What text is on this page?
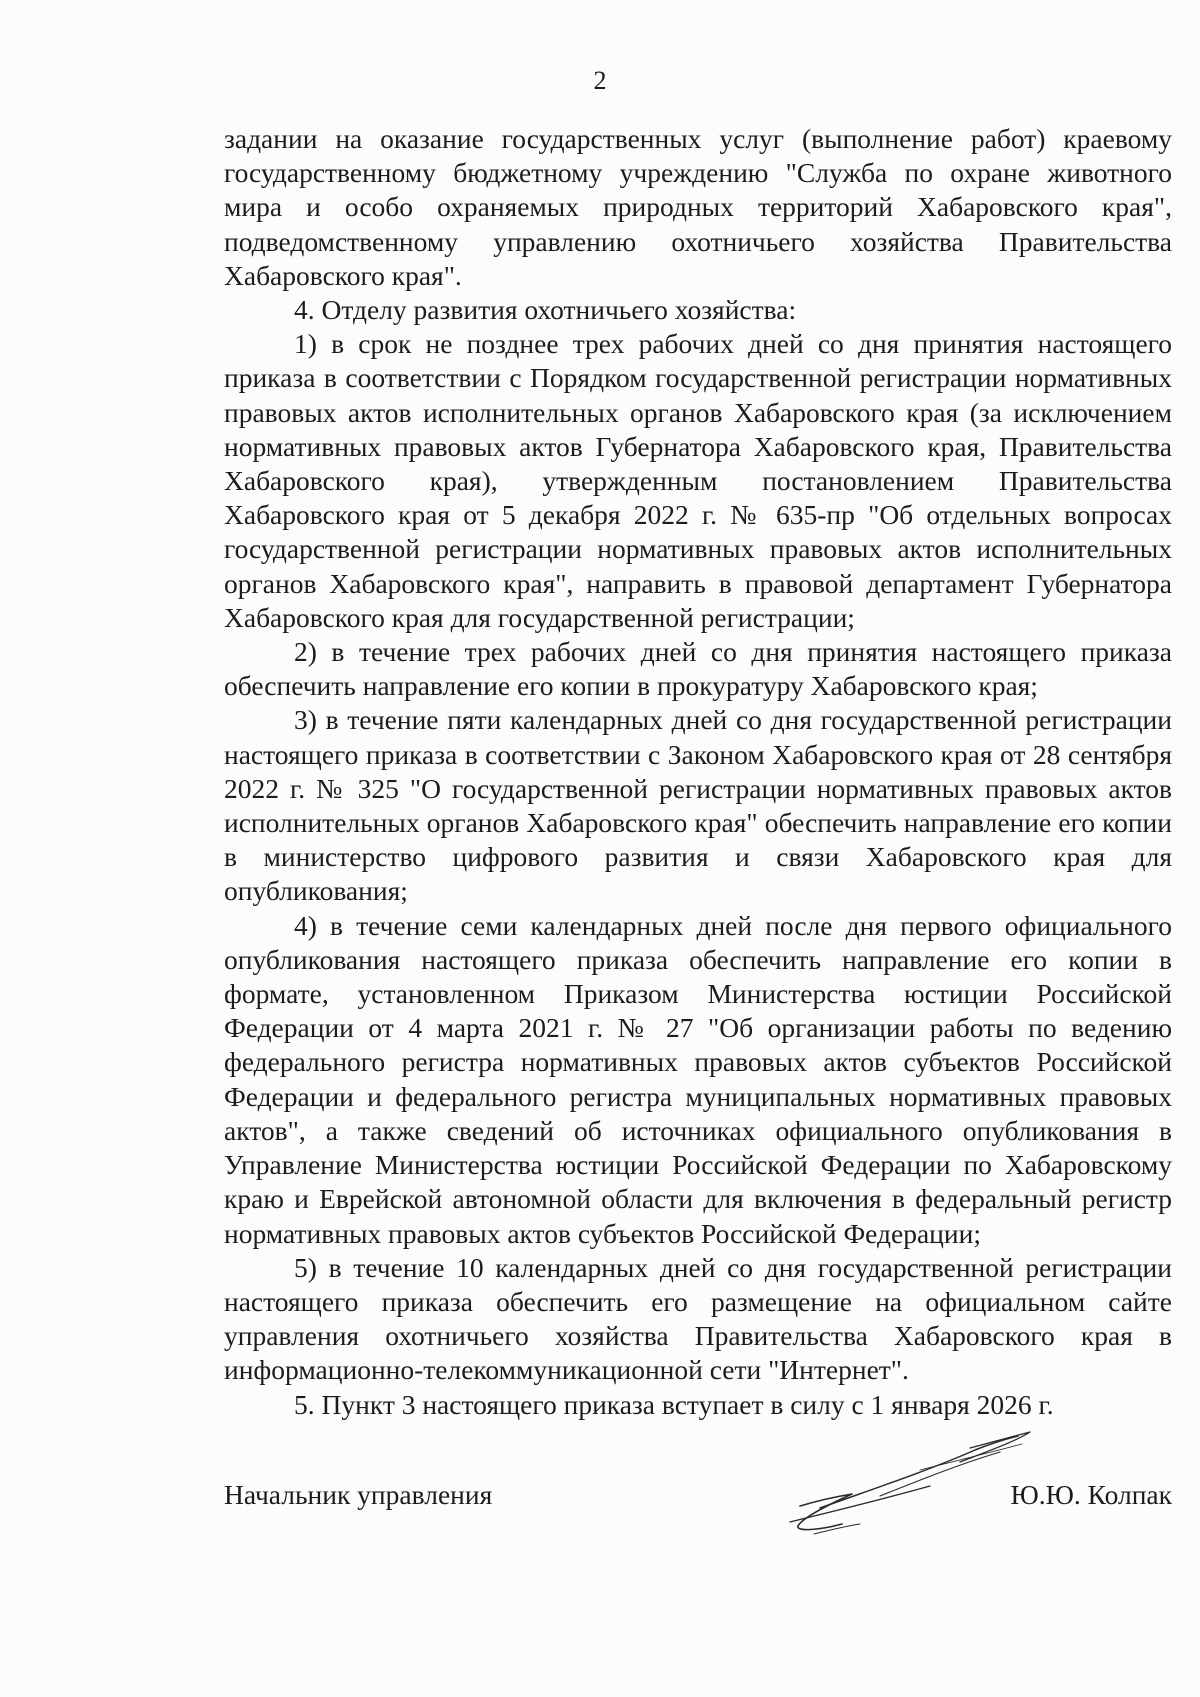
2

задании на оказание государственных услуг (выполнение работ) краевому государственному бюджетному учреждению "Служба по охране животного мира и особо охраняемых природных территорий Хабаровского края", подведомственному управлению охотничьего хозяйства Правительства Хабаровского края".

4. Отделу развития охотничьего хозяйства:

1) в срок не позднее трех рабочих дней со дня принятия настоящего приказа в соответствии с Порядком государственной регистрации нормативных правовых актов исполнительных органов Хабаровского края (за исключением нормативных правовых актов Губернатора Хабаровского края, Правительства Хабаровского края), утвержденным постановлением Правительства Хабаровского края от 5 декабря 2022 г. № 635-пр "Об отдельных вопросах государственной регистрации нормативных правовых актов исполнительных органов Хабаровского края", направить в правовой департамент Губернатора Хабаровского края для государственной регистрации;

2) в течение трех рабочих дней со дня принятия настоящего приказа обеспечить направление его копии в прокуратуру Хабаровского края;

3) в течение пяти календарных дней со дня государственной регистрации настоящего приказа в соответствии с Законом Хабаровского края от 28 сентября 2022 г. № 325 "О государственной регистрации нормативных правовых актов исполнительных органов Хабаровского края" обеспечить направление его копии в министерство цифрового развития и связи Хабаровского края для опубликования;

4) в течение семи календарных дней после дня первого официального опубликования настоящего приказа обеспечить направление его копии в формате, установленном Приказом Министерства юстиции Российской Федерации от 4 марта 2021 г. № 27 "Об организации работы по ведению федерального регистра нормативных правовых актов субъектов Российской Федерации и федерального регистра муниципальных нормативных правовых актов", а также сведений об источниках официального опубликования в Управление Министерства юстиции Российской Федерации по Хабаровскому краю и Еврейской автономной области для включения в федеральный регистр нормативных правовых актов субъектов Российской Федерации;

5) в течение 10 календарных дней со дня государственной регистрации настоящего приказа обеспечить его размещение на официальном сайте управления охотничьего хозяйства Правительства Хабаровского края в информационно-телекоммуникационной сети "Интернет".

5. Пункт 3 настоящего приказа вступает в силу с 1 января 2026 г.

Начальник управления	Ю.Ю. Колпак
